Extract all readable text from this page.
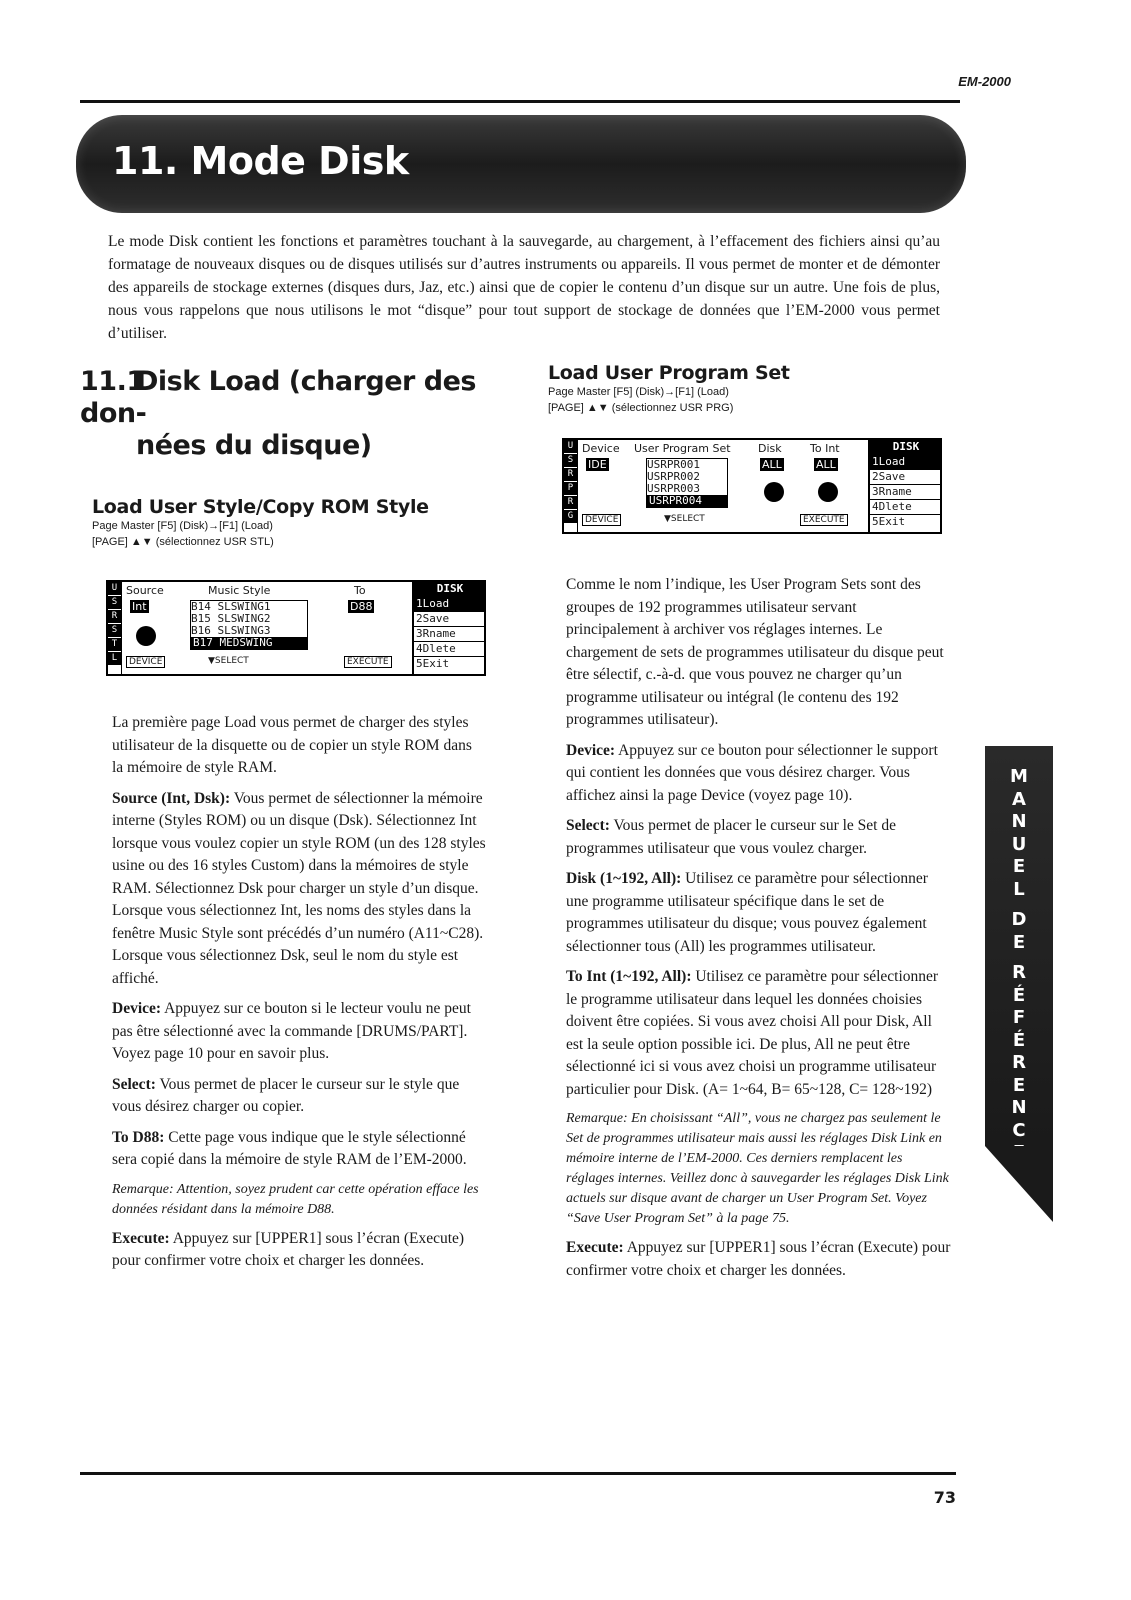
EM-2000
11. Mode Disk

Le mode Disk contient les fonctions et paramètres touchant à la sauvegarde, au chargement, à l’effacement des fichiers ainsi qu’au formatage de nouveaux disques ou de disques utilisés sur d’autres instruments ou appareils. Il vous permet de monter et de démonter des appareils de stockage externes (disques durs, Jaz, etc.) ainsi que de copier le contenu d’un disque sur un autre. Une fois de plus, nous vous rappelons que nous utilisons le mot “disque” pour tout support de stockage de données que l’EM-2000 vous permet d’utiliser.

11.1Disk Load (charger des don-
nées du disque)
Load User Style/Copy ROM Style

Page Master [F5] (Disk)→[F1] (Load)

[PAGE] ▲▼ (sélectionnez USR STL)

U
S
R
S
T
L
Source	Music Style	To
Int	D88
B14 SLSWING1
B15 SLSWING2
B16 SLSWING3
B17 MEDSWING
DEVICE	▼SELECT	EXECUTE
DISK
1Load
2Save
3Rname
4Dlete
5Exit

La première page Load vous permet de charger des styles utilisateur de la disquette ou de copier un style ROM dans la mémoire de style RAM.

Source (Int, Dsk): Vous permet de sélectionner la mémoire interne (Styles ROM) ou un disque (Dsk). Sélectionnez Int lorsque vous voulez copier un style ROM (un des 128 styles usine ou des 16 styles Custom) dans la mémoires de style RAM. Sélectionnez Dsk pour charger un style d’un disque. Lorsque vous sélectionnez Int, les noms des styles dans la fenêtre Music Style sont précédés d’un numéro (A11~C28). Lorsque vous sélectionnez Dsk, seul le nom du style est affiché.

Device: Appuyez sur ce bouton si le lecteur voulu ne peut pas être sélectionné avec la commande [DRUMS/PART]. Voyez page 10 pour en savoir plus.

Select: Vous permet de placer le curseur sur le style que vous désirez charger ou copier.

To D88: Cette page vous indique que le style sélectionné sera copié dans la mémoire de style RAM de l’EM-2000.

Remarque: Attention, soyez prudent car cette opération efface les données résidant dans la mémoire D88.

Execute: Appuyez sur [UPPER1] sous l’écran (Execute) pour confirmer votre choix et charger les données.

Load User Program Set

Page Master [F5] (Disk)→[F1] (Load)

[PAGE] ▲▼ (sélectionnez USR PRG)

U
S
R
P
R
G
Device User Program Set Disk	To Int
IDE	ALL	ALL
USRPR001
USRPR002
USRPR003
USRPR004
DEVICE	▼SELECT	EXECUTE
DISK
1Load
2Save
3Rname
4Dlete
5Exit

Comme le nom l’indique, les User Program Sets sont des groupes de 192 programmes utilisateur servant principalement à archiver vos réglages internes. Le chargement de sets de programmes utilisateur du disque peut être sélectif, c.-à-d. que vous pouvez ne charger qu’un programme utilisateur ou intégral (le contenu des 192 programmes utilisateur).

Device: Appuyez sur ce bouton pour sélectionner le support qui contient les données que vous désirez charger. Vous affichez ainsi la page Device (voyez page 10).

Select: Vous permet de placer le curseur sur le Set de programmes utilisateur que vous voulez charger.

Disk (1~192, All): Utilisez ce paramètre pour sélectionner une programme utilisateur spécifique dans le set de programmes utilisateur du disque; vous pouvez également sélectionner tous (All) les programmes utilisateur.

To Int (1~192, All): Utilisez ce paramètre pour sélectionner le programme utilisateur dans lequel les données choisies doivent être copiées. Si vous avez choisi All pour Disk, All est la seule option possible ici. De plus, All ne peut être sélectionné ici si vous avez choisi un programme utilisateur particulier pour Disk. (A= 1~64, B= 65~128, C= 128~192)

Remarque: En choisissant “All”, vous ne chargez pas seulement le Set de programmes utilisateur mais aussi les réglages Disk Link en mémoire interne de l’EM-2000. Ces derniers remplacent les réglages internes. Veillez donc à sauvegarder les réglages Disk Link actuels sur disque avant de charger un User Program Set. Voyez “Save User Program Set” à la page 75.

Execute: Appuyez sur [UPPER1] sous l’écran (Execute) pour confirmer votre choix et charger les données.

M
A
N
U
E
L
D
E
R
É
F
É
R
E
N
C
73
